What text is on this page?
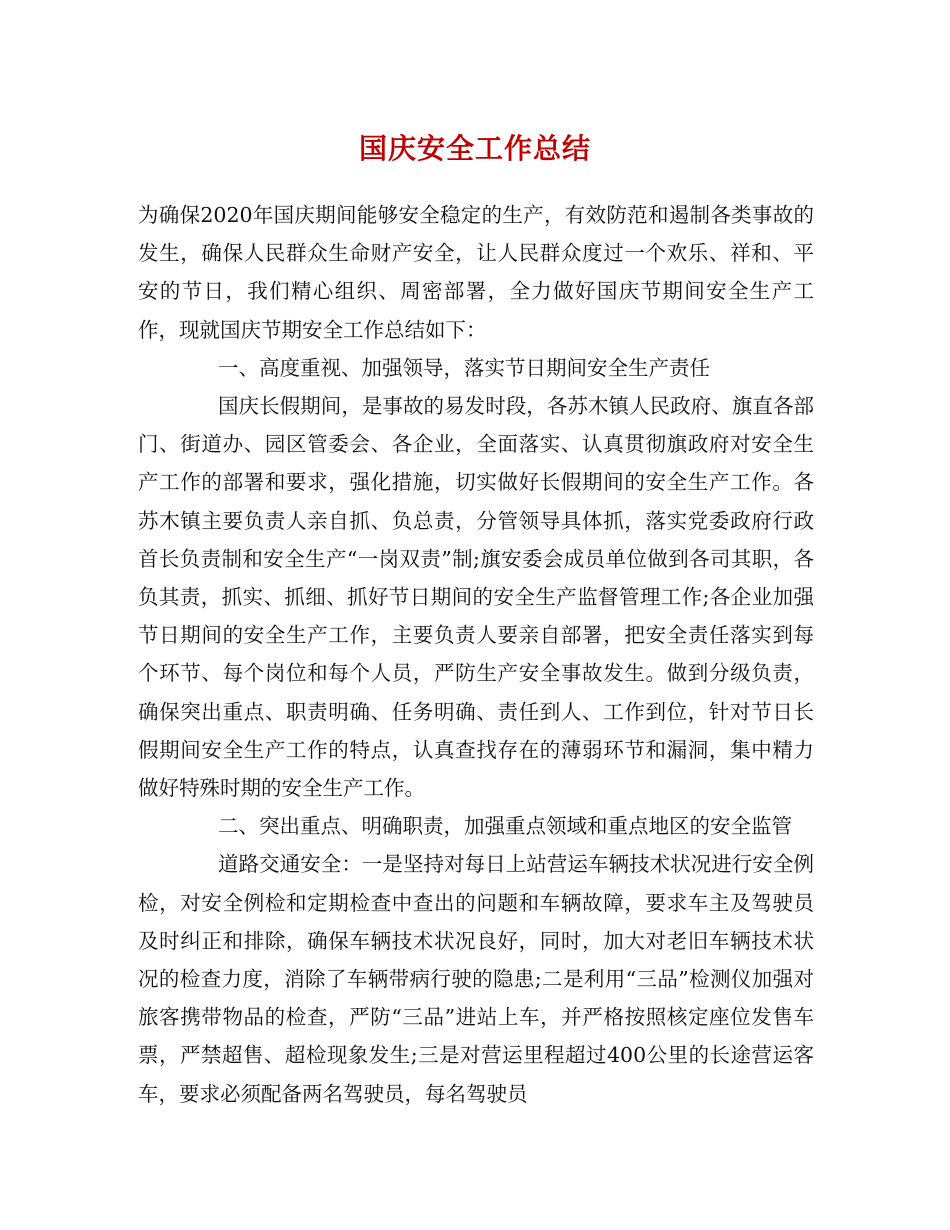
国庆安全工作总结

为确保2020年国庆期间能够安全稳定的生产，有效防范和遏制各类事故的发生，确保人民群众生命财产安全，让人民群众度过一个欢乐、祥和、平安的节日，我们精心组织、周密部署，全力做好国庆节期间安全生产工作，现就国庆节期安全工作总结如下：

一、高度重视、加强领导，落实节日期间安全生产责任

国庆长假期间，是事故的易发时段，各苏木镇人民政府、旗直各部门、街道办、园区管委会、各企业，全面落实、认真贯彻旗政府对安全生产工作的部署和要求，强化措施，切实做好长假期间的安全生产工作。各苏木镇主要负责人亲自抓、负总责，分管领导具体抓，落实党委政府行政首长负责制和安全生产“一岗双责”制;旗安委会成员单位做到各司其职，各负其责，抓实、抓细、抓好节日期间的安全生产监督管理工作;各企业加强节日期间的安全生产工作，主要负责人要亲自部署，把安全责任落实到每个环节、每个岗位和每个人员，严防生产安全事故发生。做到分级负责，确保突出重点、职责明确、任务明确、责任到人、工作到位，针对节日长假期间安全生产工作的特点，认真查找存在的薄弱环节和漏洞，集中精力做好特殊时期的安全生产工作。

二、突出重点、明确职责，加强重点领域和重点地区的安全监管

道路交通安全：一是坚持对每日上站营运车辆技术状况进行安全例检，对安全例检和定期检查中查出的问题和车辆故障，要求车主及驾驶员及时纠正和排除，确保车辆技术状况良好，同时，加大对老旧车辆技术状况的检查力度，消除了车辆带病行驶的隐患;二是利用“三品”检测仪加强对旅客携带物品的检查，严防“三品”进站上车，并严格按照核定座位发售车票，严禁超售、超检现象发生;三是对营运里程超过400公里的长途营运客车，要求必须配备两名驾驶员，每名驾驶员
